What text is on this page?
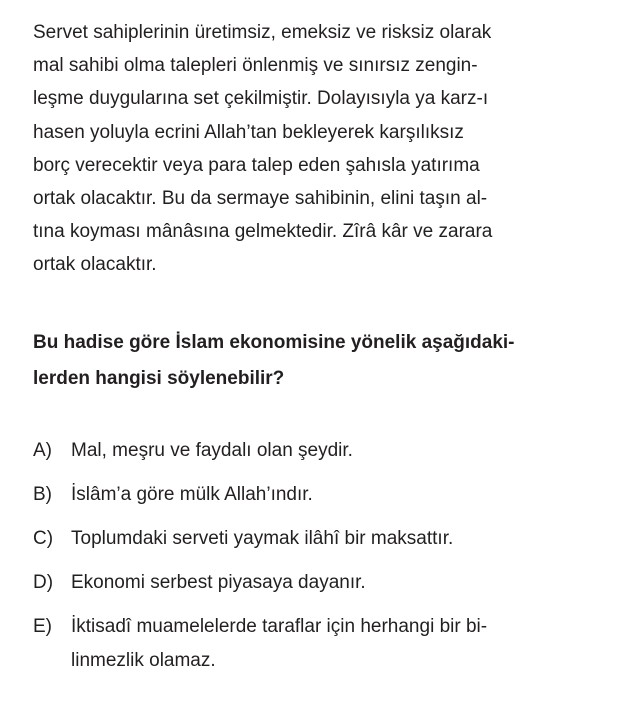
Servet sahiplerinin üretimsiz, emeksiz ve risksiz olarak
mal sahibi olma talepleri önlenmiş ve sınırsız zengin-
leşme duygularına set çekilmiştir. Dolayısıyla ya karz-ı
hasen yoluyla ecrini Allah’tan bekleyerek karşılıksız
borç verecektir veya para talep eden şahısla yatırıma
ortak olacaktır. Bu da sermaye sahibinin, elini taşın al-
tına koyması mânâsına gelmektedir. Zîrâ kâr ve zarara
ortak olacaktır.

Bu hadise göre İslam ekonomisine yönelik aşağıdaki-
lerden hangisi söylenebilir?
A) Mal, meşru ve faydalı olan şeydir.
B) İslâm’a göre mülk Allah’ındır.
C) Toplumdaki serveti yaymak ilâhî bir maksattır.
D) Ekonomi serbest piyasaya dayanır.
E) İktisadî muamelelerde taraflar için herhangi bir bi-
linmezlik olamaz.
